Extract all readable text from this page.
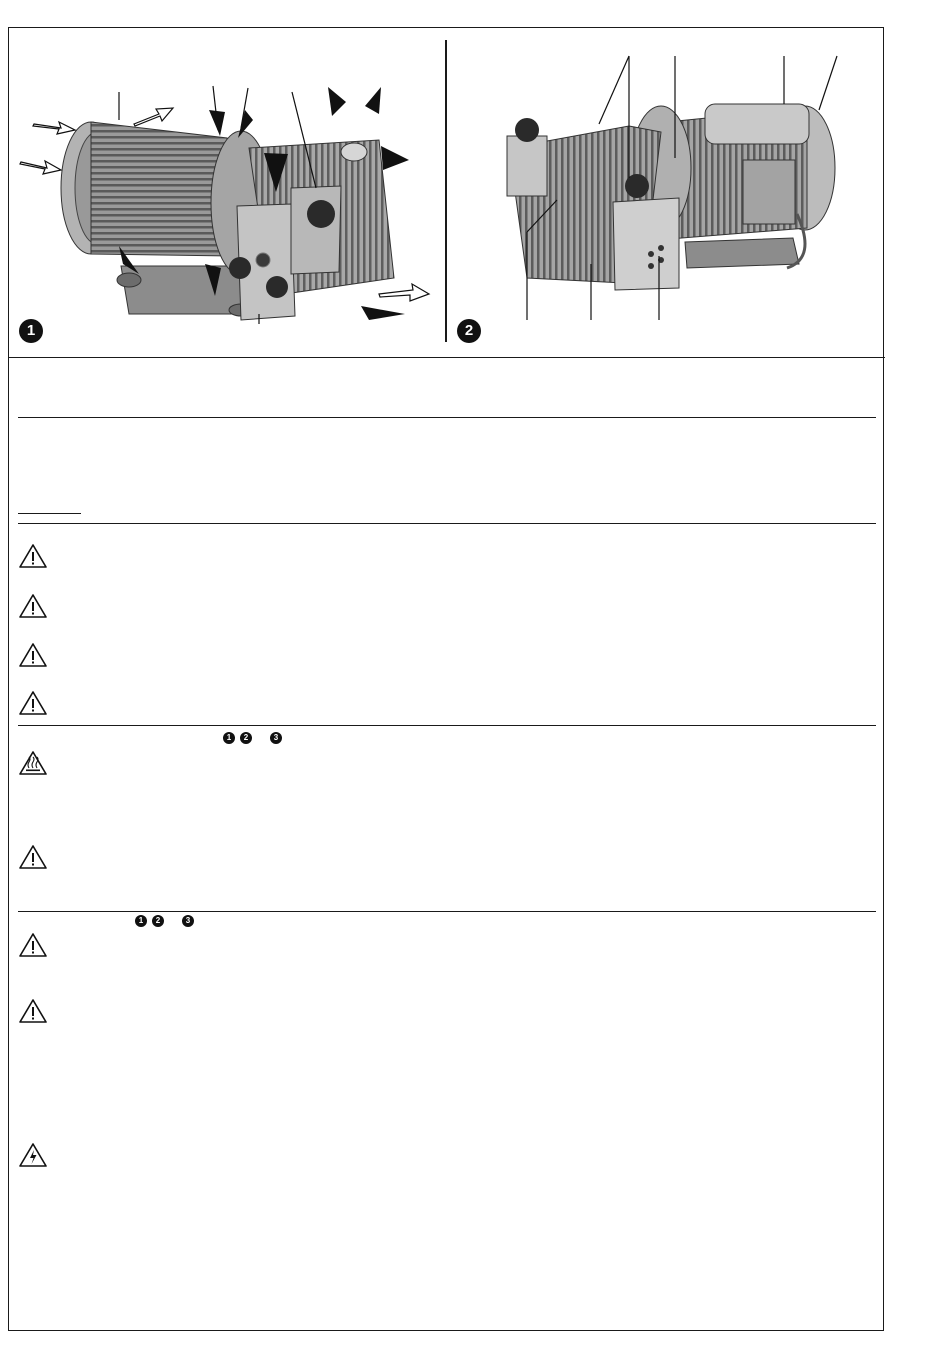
1	2
1	2	3
1	2	3
